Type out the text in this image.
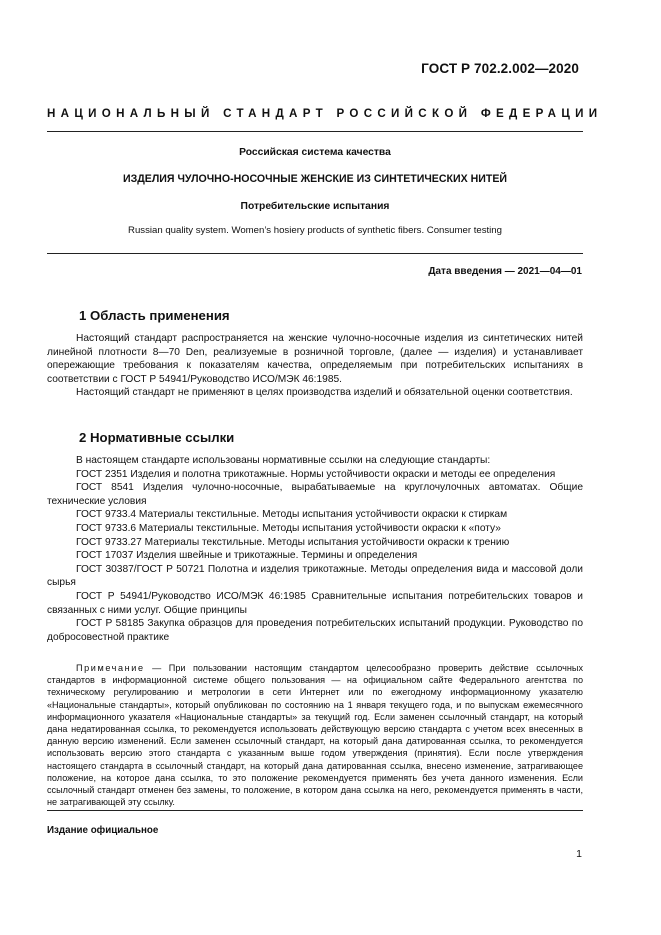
ГОСТ Р 702.2.002—2020
НАЦИОНАЛЬНЫЙ СТАНДАРТ РОССИЙСКОЙ ФЕДЕРАЦИИ
Российская система качества
ИЗДЕЛИЯ ЧУЛОЧНО-НОСОЧНЫЕ ЖЕНСКИЕ ИЗ СИНТЕТИЧЕСКИХ НИТЕЙ
Потребительские испытания
Russian quality system. Women’s hosiery products of synthetic fibers. Consumer testing
Дата введения — 2021—04—01
1 Область применения

Настоящий стандарт распространяется на женские чулочно-носочные изделия из синтетических нитей линейной плотности 8—70 Den, реализуемые в розничной торговле, (далее — изделия) и устанавливает опережающие требования к показателям качества, определяемым при потребительских испытаниях в соответствии с ГОСТ Р 54941/Руководство ИСО/МЭК 46:1985.

Настоящий стандарт не применяют в целях производства изделий и обязательной оценки соответствия.

2 Нормативные ссылки

В настоящем стандарте использованы нормативные ссылки на следующие стандарты:

ГОСТ 2351 Изделия и полотна трикотажные. Нормы устойчивости окраски и методы ее определения

ГОСТ 8541 Изделия чулочно-носочные, вырабатываемые на круглочулочных автоматах. Общие технические условия

ГОСТ 9733.4 Материалы текстильные. Методы испытания устойчивости окраски к стиркам

ГОСТ 9733.6 Материалы текстильные. Методы испытания устойчивости окраски к «поту»

ГОСТ 9733.27 Материалы текстильные. Методы испытания устойчивости окраски к трению

ГОСТ 17037 Изделия швейные и трикотажные. Термины и определения

ГОСТ 30387/ГОСТ Р 50721 Полотна и изделия трикотажные. Методы определения вида и массовой доли сырья

ГОСТ Р 54941/Руководство ИСО/МЭК 46:1985 Сравнительные испытания потребительских товаров и связанных с ними услуг. Общие принципы

ГОСТ Р 58185 Закупка образцов для проведения потребительских испытаний продукции. Руководство по добросовестной практике

Примечание — При пользовании настоящим стандартом целесообразно проверить действие ссылочных стандартов в информационной системе общего пользования — на официальном сайте Федерального агентства по техническому регулированию и метрологии в сети Интернет или по ежегодному информационному указателю «Национальные стандарты», который опубликован по состоянию на 1 января текущего года, и по выпускам ежемесячного информационного указателя «Национальные стандарты» за текущий год. Если заменен ссылочный стандарт, на который дана недатированная ссылка, то рекомендуется использовать действующую версию стандарта с учетом всех внесенных в данную версию изменений. Если заменен ссылочный стандарт, на который дана датированная ссылка, то рекомендуется использовать версию этого стандарта с указанным выше годом утверждения (принятия). Если после утверждения настоящего стандарта в ссылочный стандарт, на который дана датированная ссылка, внесено изменение, затрагивающее положение, на которое дана ссылка, то это положение рекомендуется применять без учета данного изменения. Если ссылочный стандарт отменен без замены, то положение, в котором дана ссылка на него, рекомендуется применять в части, не затрагивающей эту ссылку.

Издание официальное
1
